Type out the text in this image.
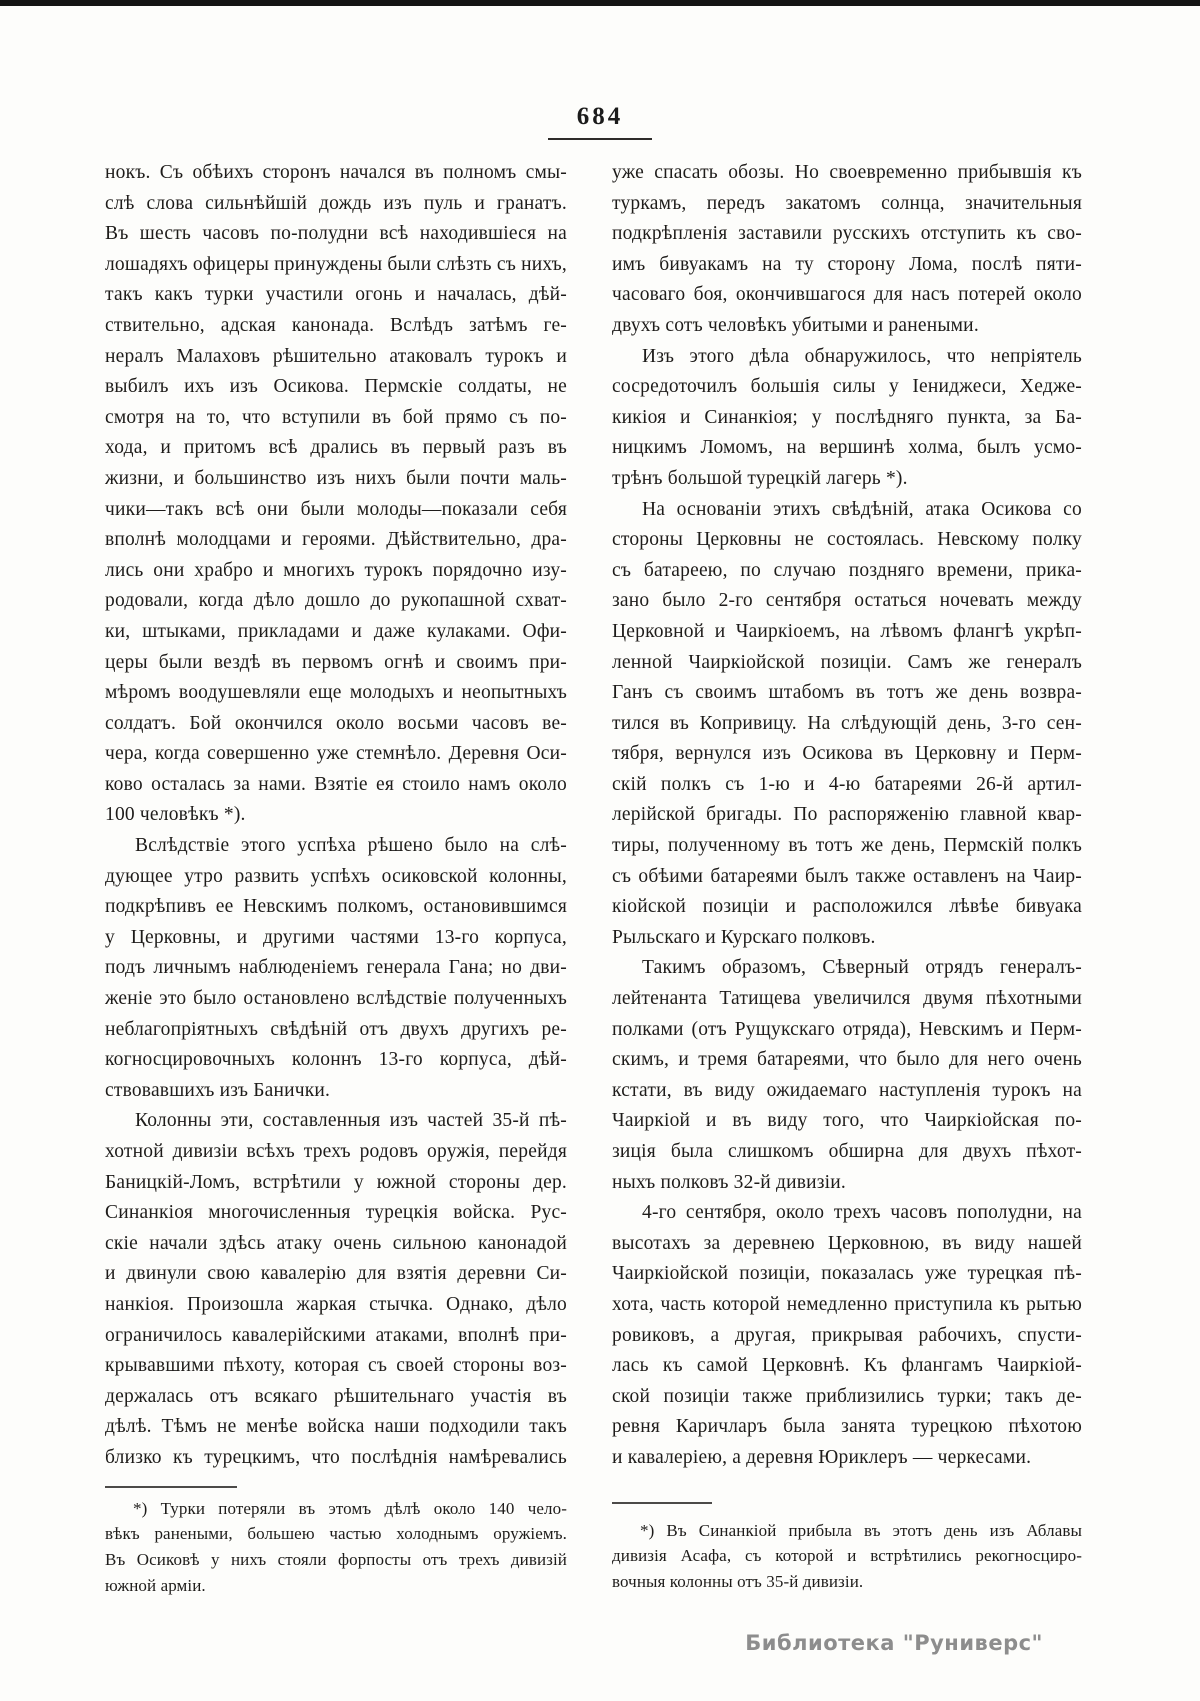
684
нокъ. Съ обѣихъ сторонъ начался въ полномъ смы-
слѣ слова сильнѣйшій дождь изъ пуль и гранатъ.
Въ шесть часовъ по-полудни всѣ находившіеся на
лошадяхъ офицеры принуждены были слѣзть съ нихъ,
такъ какъ турки участили огонь и началась, дѣй-
ствительно, адская канонада. Вслѣдъ затѣмъ ге-
нералъ Малаховъ рѣшительно атаковалъ турокъ и
выбилъ ихъ изъ Осикова. Пермскіе солдаты, не
смотря на то, что вступили въ бой прямо съ по-
хода, и притомъ всѣ дрались въ первый разъ въ
жизни, и большинство изъ нихъ были почти маль-
чики—такъ всѣ они были молоды—показали себя
вполнѣ молодцами и героями. Дѣйствительно, дра-
лись они храбро и многихъ турокъ порядочно изу-
родовали, когда дѣло дошло до рукопашной схват-
ки, штыками, прикладами и даже кулаками. Офи-
церы были вездѣ въ первомъ огнѣ и своимъ при-
мѣромъ воодушевляли еще молодыхъ и неопытныхъ
солдатъ. Бой окончился около восьми часовъ ве-
чера, когда совершенно уже стемнѣло. Деревня Оси-
ково осталась за нами. Взятіе ея стоило намъ около
100 человѣкъ *).
Вслѣдствіе этого успѣха рѣшено было на слѣ-
дующее утро развить успѣхъ осиковской колонны,
подкрѣпивъ ее Невскимъ полкомъ, остановившимся
у Церковны, и другими частями 13-го корпуса,
подъ личнымъ наблюденіемъ генерала Гана; но дви-
женіе это было остановлено вслѣдствіе полученныхъ
неблагопріятныхъ свѣдѣній отъ двухъ другихъ ре-
когносцировочныхъ колоннъ 13-го корпуса, дѣй-
ствовавшихъ изъ Банички.
Колонны эти, составленныя изъ частей 35-й пѣ-
хотной дивизіи всѣхъ трехъ родовъ оружія, перейдя
Баницкій-Ломъ, встрѣтили у южной стороны дер.
Синанкіоя многочисленныя турецкія войска. Рус-
скіе начали здѣсь атаку очень сильною канонадой
и двинули свою кавалерію для взятія деревни Си-
нанкіоя. Произошла жаркая стычка. Однако, дѣло
ограничилось кавалерійскими атаками, вполнѣ при-
крывавшими пѣхоту, которая съ своей стороны воз-
держалась отъ всякаго рѣшительнаго участія въ
дѣлѣ. Тѣмъ не менѣе войска наши подходили такъ
близко къ турецкимъ, что послѣднія намѣревались
*) Турки потеряли въ этомъ дѣлѣ около 140 чело-
вѣкъ ранеными, большею частью холоднымъ оружіемъ.
Въ Осиковѣ у нихъ стояли форпосты отъ трехъ дивизій
южной арміи.
уже спасать обозы. Но своевременно прибывшія къ
туркамъ, передъ закатомъ солнца, значительныя
подкрѣпленія заставили русскихъ отступить къ сво-
имъ бивуакамъ на ту сторону Лома, послѣ пяти-
часоваго боя, окончившагося для насъ потерей около
двухъ сотъ человѣкъ убитыми и ранеными.
Изъ этого дѣла обнаружилось, что непріятель
сосредоточилъ большія силы у Іениджеси, Хедже-
кикіоя и Синанкіоя; у послѣдняго пункта, за Ба-
ницкимъ Ломомъ, на вершинѣ холма, былъ усмо-
трѣнъ большой турецкій лагерь *).
На основаніи этихъ свѣдѣній, атака Осикова со
стороны Церковны не состоялась. Невскому полку
съ батареею, по случаю поздняго времени, прика-
зано было 2-го сентября остаться ночевать между
Церковной и Чаиркіоемъ, на лѣвомъ флангѣ укрѣп-
ленной Чаиркіойской позиціи. Самъ же генералъ
Ганъ съ своимъ штабомъ въ тотъ же день возвра-
тился въ Копривицу. На слѣдующій день, 3-го сен-
тября, вернулся изъ Осикова въ Церковну и Перм-
скій полкъ съ 1-ю и 4-ю батареями 26-й артил-
лерійской бригады. По распоряженію главной квар-
тиры, полученному въ тотъ же день, Пермскій полкъ
съ обѣими батареями былъ также оставленъ на Чаир-
кіойской позиціи и расположился лѣвѣе бивуака
Рыльскаго и Курскаго полковъ.
Такимъ образомъ, Сѣверный отрядъ генералъ-
лейтенанта Татищева увеличился двумя пѣхотными
полками (отъ Рущукскаго отряда), Невскимъ и Перм-
скимъ, и тремя батареями, что было для него очень
кстати, въ виду ожидаемаго наступленія турокъ на
Чаиркіой и въ виду того, что Чаиркіойская по-
зиція была слишкомъ обширна для двухъ пѣхот-
ныхъ полковъ 32-й дивизіи.
4-го сентября, около трехъ часовъ пополудни, на
высотахъ за деревнею Церковною, въ виду нашей
Чаиркіойской позиціи, показалась уже турецкая пѣ-
хота, часть которой немедленно приступила къ рытью
ровиковъ, а другая, прикрывая рабочихъ, спусти-
лась къ самой Церковнѣ. Къ флангамъ Чаиркіой-
ской позиціи также приблизились турки; такъ де-
ревня Каричларъ была занята турецкою пѣхотою
и кавалеріею, а деревня Юриклеръ — черкесами.
*) Въ Синанкіой прибыла въ этотъ день изъ Аблавы
дивизія Асафа, съ которой и встрѣтились рекогносциро-
вочныя колонны отъ 35-й дивизіи.
Библиотека "Руниверс"
